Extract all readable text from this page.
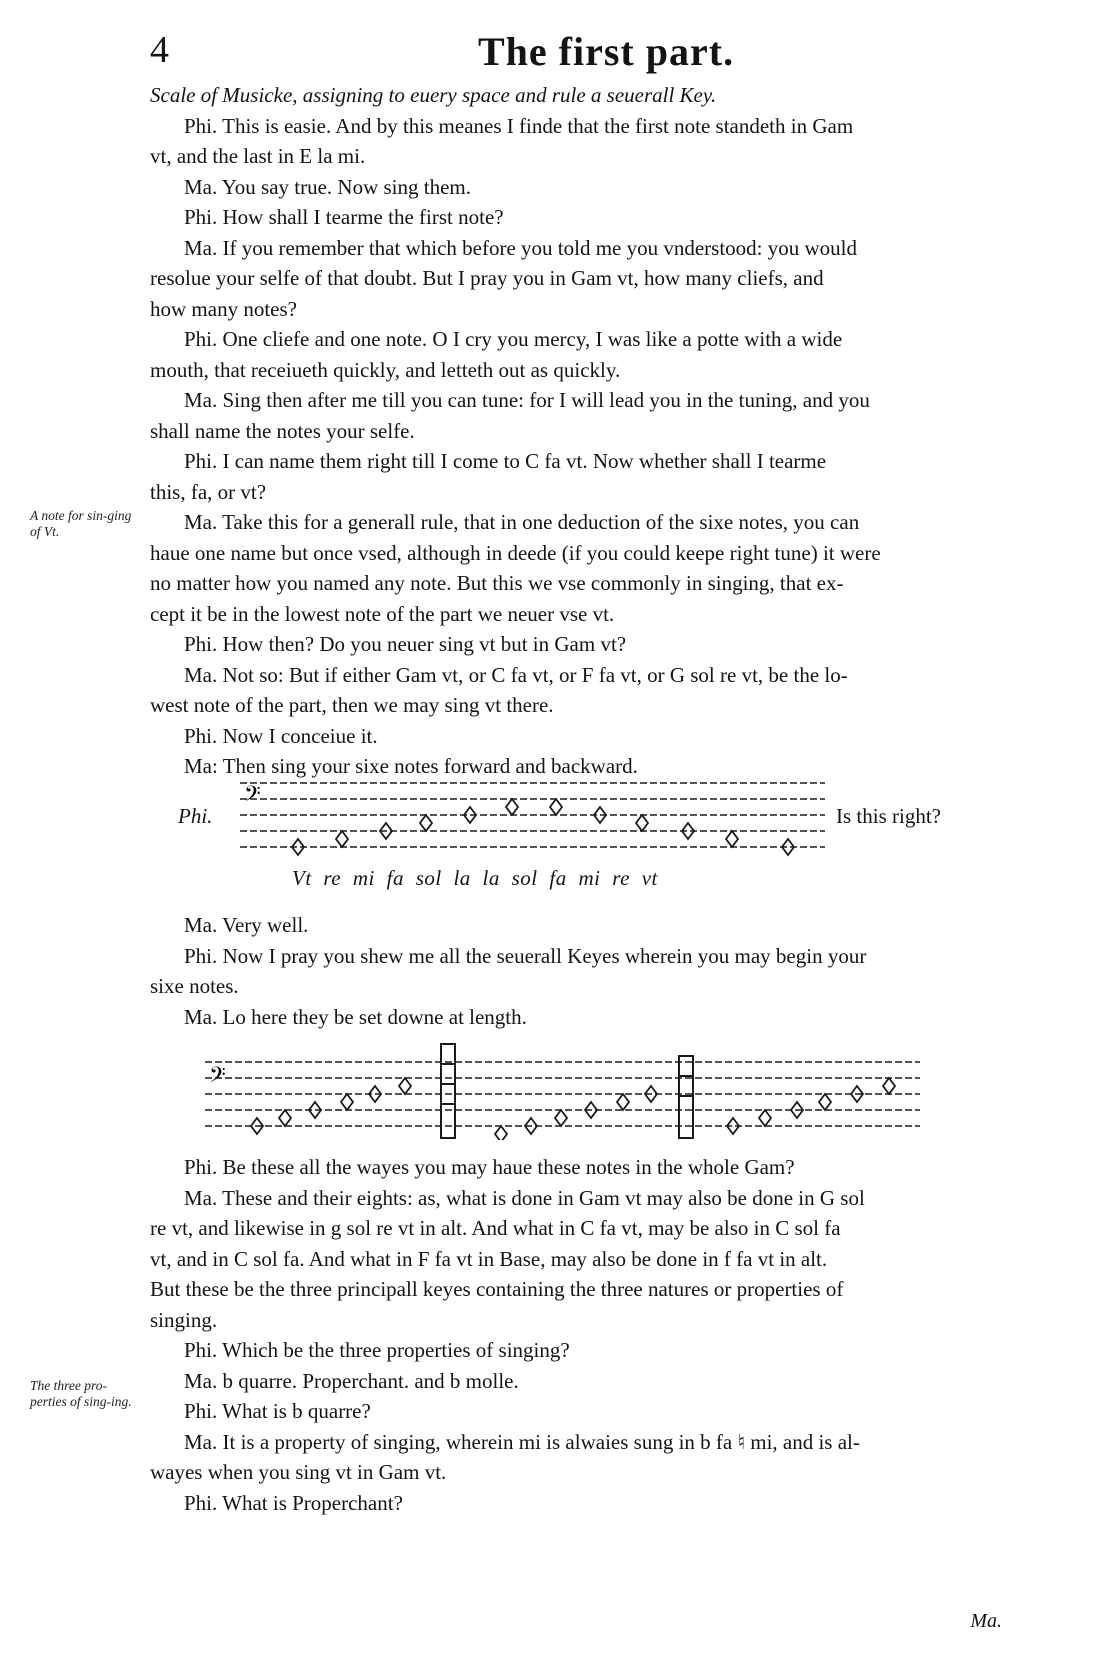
4	The first part.
Scale of Musicke, assigning to euery space and rule a seuerall Key.
Phi. This is easie. And by this meanes I finde that the first note standeth in Gam
vt, and the last in E la mi.
Ma. You say true. Now sing them.
Phi. How shall I tearme the first note?
Ma. If you remember that which before you told me you vnderstood: you would
resolue your selfe of that doubt. But I pray you in Gam vt, how many cliefs, and
how many notes?
Phi. One cliefe and one note. O I cry you mercy, I was like a potte with a wide
mouth, that receiueth quickly, and letteth out as quickly.
Ma. Sing then after me till you can tune: for I will lead you in the tuning, and you
shall name the notes your selfe.
Phi. I can name them right till I come to C fa vt. Now whether shall I tearme
this, fa, or vt?
Ma. Take this for a generall rule, that in one deduction of the sixe notes, you can
haue one name but once vsed, although in deede (if you could keepe right tune) it were
no matter how you named any note. But this we vse commonly in singing, that ex-
cept it be in the lowest note of the part we neuer vse vt.
Phi. How then? Do you neuer sing vt but in Gam vt?
Ma. Not so: But if either Gam vt, or C fa vt, or F fa vt, or G sol re vt, be the lo-
west note of the part, then we may sing vt there.
Phi. Now I conceiue it.
Ma: Then sing your sixe notes forward and backward.
A note for sin-ging of Vt.
Phi.
𝄢
Is this right?
Vt re mi fa sol la la sol fa mi re vt
Ma. Very well.
Phi. Now I pray you shew me all the seuerall Keyes wherein you may begin your
sixe notes.
Ma. Lo here they be set downe at length.
𝄢
Phi. Be these all the wayes you may haue these notes in the whole Gam?
Ma. These and their eights: as, what is done in Gam vt may also be done in G sol
re vt, and likewise in g sol re vt in alt. And what in C fa vt, may be also in C sol fa
vt, and in C sol fa. And what in F fa vt in Base, may also be done in f fa vt in alt.
But these be the three principall keyes containing the three natures or properties of
singing.
Phi. Which be the three properties of singing?
Ma. b quarre. Properchant. and b molle.
Phi. What is b quarre?
Ma. It is a property of singing, wherein mi is alwaies sung in b fa ♮ mi, and is al-
wayes when you sing vt in Gam vt.
Phi. What is Properchant?
The three pro-perties of sing-ing.
Ma.
